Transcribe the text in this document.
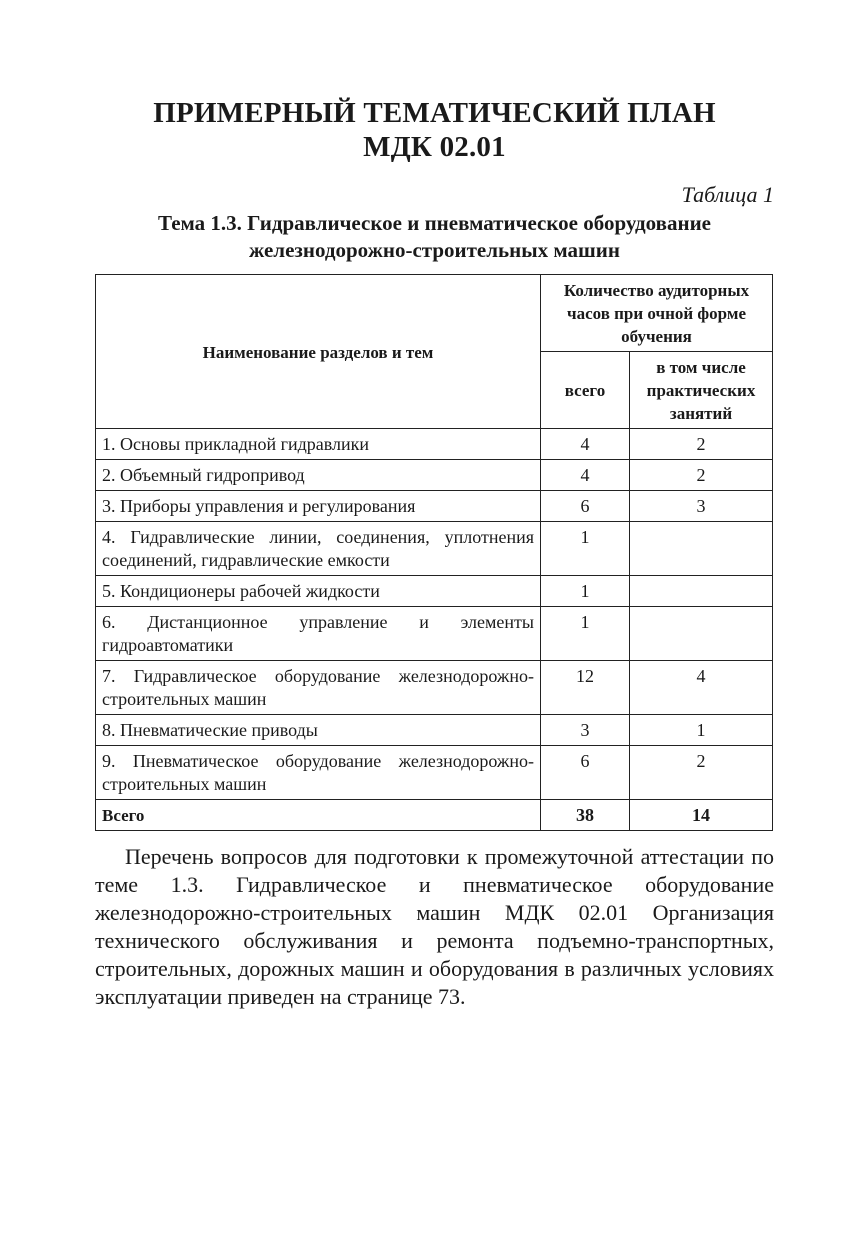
ПРИМЕРНЫЙ ТЕМАТИЧЕСКИЙ ПЛАН
МДК 02.01
Таблица 1
Тема 1.3. Гидравлическое и пневматическое оборудование
железнодорожно-строительных машин
Наименование разделов и тем	Количество аудиторных часов при очной форме обучения	
	всего	в том числе практических занятий
1. Основы прикладной гидравлики	4	2
2. Объемный гидропривод	4	2
3. Приборы управления и регулирования	6	3
4. Гидравлические линии, соединения, уплотнения соединений, гидравлические емкости	1	
5. Кондиционеры рабочей жидкости	1	
6. Дистанционное управление и элементы гидроавтоматики	1	
7. Гидравлическое оборудование железнодорожно-строительных машин	12	4
8. Пневматические приводы	3	1
9. Пневматическое оборудование железнодорожно-строительных машин	6	2
Всего	38	14

Перечень вопросов для подготовки к промежуточной аттестации по теме 1.3. Гидравлическое и пневматическое оборудование железнодорожно-строительных машин МДК 02.01 Организация технического обслуживания и ремонта подъемно-транспортных, строительных, дорожных машин и оборудования в различных условиях эксплуатации приведен на странице 73.
